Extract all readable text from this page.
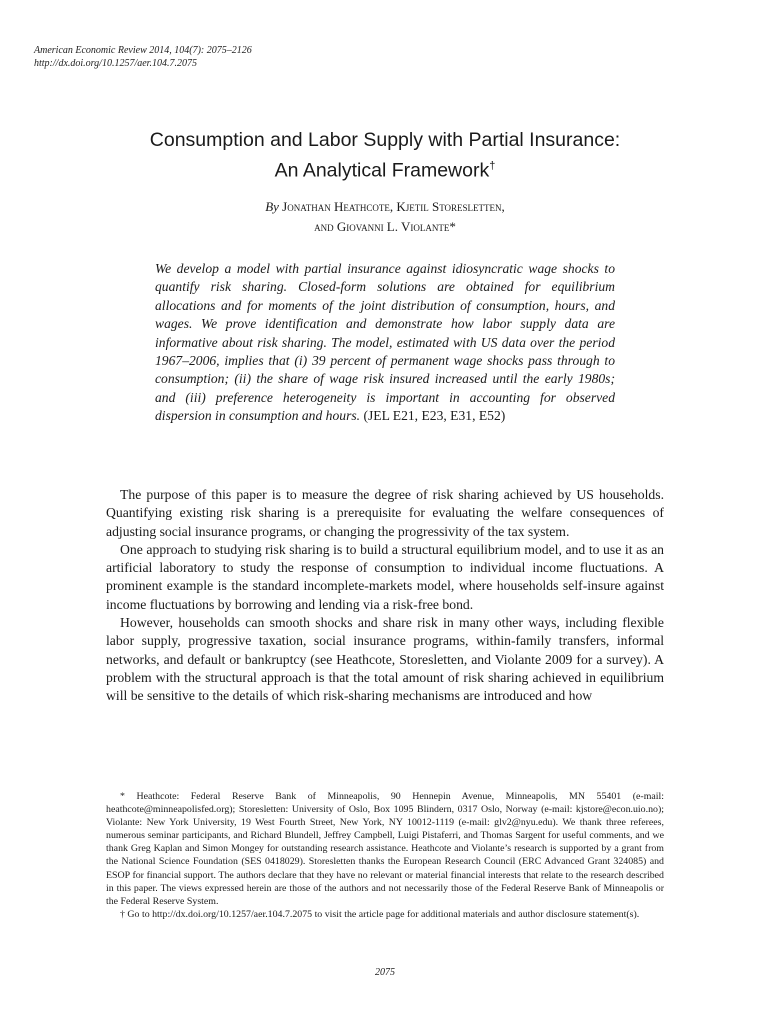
American Economic Review 2014, 104(7): 2075–2126
http://dx.doi.org/10.1257/aer.104.7.2075
Consumption and Labor Supply with Partial Insurance:
An Analytical Framework†
By Jonathan Heathcote, Kjetil Storesletten,
and Giovanni L. Violante*
We develop a model with partial insurance against idiosyncratic wage shocks to quantify risk sharing. Closed-form solutions are obtained for equilibrium allocations and for moments of the joint distribution of consumption, hours, and wages. We prove identification and demonstrate how labor supply data are informative about risk sharing. The model, estimated with US data over the period 1967–2006, implies that (i) 39 percent of permanent wage shocks pass through to consumption; (ii) the share of wage risk insured increased until the early 1980s; and (iii) preference heterogeneity is important in accounting for observed dispersion in consumption and hours. (JEL E21, E23, E31, E52)

The purpose of this paper is to measure the degree of risk sharing achieved by US households. Quantifying existing risk sharing is a prerequisite for evaluating the welfare consequences of adjusting social insurance programs, or changing the progressivity of the tax system.

One approach to studying risk sharing is to build a structural equilibrium model, and to use it as an artificial laboratory to study the response of consumption to individual income fluctuations. A prominent example is the standard incomplete-markets model, where households self-insure against income fluctuations by borrowing and lending via a risk-free bond.

However, households can smooth shocks and share risk in many other ways, including flexible labor supply, progressive taxation, social insurance programs, within-family transfers, informal networks, and default or bankruptcy (see Heathcote, Storesletten, and Violante 2009 for a survey). A problem with the structural approach is that the total amount of risk sharing achieved in equilibrium will be sensitive to the details of which risk-sharing mechanisms are introduced and how

* Heathcote: Federal Reserve Bank of Minneapolis, 90 Hennepin Avenue, Minneapolis, MN 55401 (e-mail: heathcote@minneapolisfed.org); Storesletten: University of Oslo, Box 1095 Blindern, 0317 Oslo, Norway (e-mail: kjstore@econ.uio.no); Violante: New York University, 19 West Fourth Street, New York, NY 10012-1119 (e-mail: glv2@nyu.edu). We thank three referees, numerous seminar participants, and Richard Blundell, Jeffrey Campbell, Luigi Pistaferri, and Thomas Sargent for useful comments, and we thank Greg Kaplan and Simon Mongey for outstanding research assistance. Heathcote and Violante’s research is supported by a grant from the National Science Foundation (SES 0418029). Storesletten thanks the European Research Council (ERC Advanced Grant 324085) and ESOP for financial support. The authors declare that they have no relevant or material financial interests that relate to the research described in this paper. The views expressed herein are those of the authors and not necessarily those of the Federal Reserve Bank of Minneapolis or the Federal Reserve System.

† Go to http://dx.doi.org/10.1257/aer.104.7.2075 to visit the article page for additional materials and author disclosure statement(s).

2075
